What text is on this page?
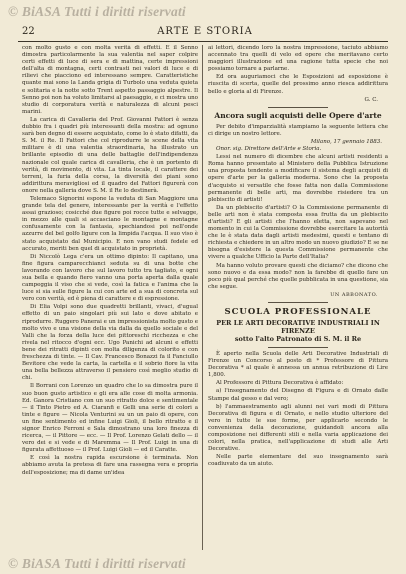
© BiASA Tutti i diritti riservati
22	ARTE E STORIA

con molto gusto e con molta verità di effetti. E il Senno dimostra particolarmente la sua valentia nel saper colpire certi effetti di luce di sera e di mattina, certe impressioni dell'alta di montagna, certi contrasti nei valori di luce e di rilievi che piacciono ed interessano sempre. Caratteristiche quante mai sono la Landa grigia di Turbolo una veduta quieta e solitaria e la notte sotto Trent aspetto passaggio alpestre. Il Senno poi non ha voluto limitarsi al paesaggio, e ci mostra uno studio di corporatura verità e naturalezza di alcuni pesci marini.

La carica di Cavalleria del Prof. Giovanni Fattori è senza dubbio fra i quadri più interessanti della mostra: ad ognuno sarà ben degno di essere acquistato, come lo è stato difatti, da S. M. il Re. Il Fattori che col riprodurre le scene della vita militare è di una valentia straordinaria, ha illustrato un brillante episodio di una delle battaglie dell'indipendenza nazionale col quale carica di cavalleria, che è un portento di verità, di movimento, di vita. La tinta locale, il carattere dei terreni, la furia della corsa, la diversità dei piani sono addirittura meravigliosi ed il quadro del Fattori figurerà con onore nella galleria dove S. M. il Re lo destinerà.

Telemaco Signorini espone la veduta di San Maggiore una grande tela del genere, interessante per la verità e l'effetto assai grazioso; cosicché due figure poi rocce tutte e selvagge, in mezzo alle quali si accasciano le montagne e montagne confusamente con la fantasia, spechiandosi poi nell'onde azzurre del bel golfo ligure con la limpida l'acqua. Il suo viso è stato acquistato dal Municipio. E non vano studi fedele ed accurato, meriti ben quel di acquistato in proprietà.

Di Niccolò Lega c'era un ottimo dipinto: Il capitano, una fine figura camparecchianci seduta su di una botte che lavorando con lavoro che sul lavoro tutto tra tagliato, e ogni sua bella e quando fiero vanno una porta aperta dalla quale campeggia il viso che si vede, così la fatica e l'anima che la luce si sia sulle figure la cui con arte ed a sua di concreta sul vero con verità, ed è piena di carattere e di espressione.

Di Elia Volpi sono due quadretti brillanti, vivaci, d'ugual effetto di un paio singolari più sui lato e dove abitato e riprodurre. Ruggero Panerai e un impressionista molto gusto e molto vivo e una visione della via dalla da quello sociale e del Valli che la forza della luce dei pittoreschi ricchezza e che rivela nel ritocco d'ogni ecc. Ugo Panichi ad alcuni e effetti bene dei ritratti dipinti con molta diligenza di colorito e con freschezza di tinte. — Il Cav. Francesco Bonazzi fa il Fanciullo Bevitore che vede la carta, la cartella e il sobrio fiore la vita una bella bellezza attraverso il pensiero così meglio studio di chi.

Il Borrani con Lorenzo un quadro che lo sa dimostra pure il suo buon gusto artistico e gli era alle cose di molta armonia. Ed. Ganora Cristiano con un suo ritratto dolce e sentimentale — il Tinto Pietro ed A. Ciaranfi e Gelli una serie di colori a tinte e figure — Nicola Venturini su un un paio di opere, con un fine sentimento ed infine Luigi Gioli, il bello ritratto e il signor Enrico Ferroni e Sala dimostrano una loro finezza di ricerca, — il Pittore — ecc. — Il Prof. Lorenzo Gelati dello — il vero dei e si vede e di Maremma — Il Prof. Luigi in una di figurata affettuoso — il Prof. Luigi Gioli — ed il Caratte.

E così la nostra rapida escursione è terminata. Non abbiamo avuta la pretesa di fare una rassegna vera e propria dell'esposizione; ma di dame un'idea

ai lettori, dicendo loro la nostra impressione, taciuto abbiamo accennato tra quelli di velo ed opere che meritavano certo maggiori illustrazione ed una ragione tutta specie che noi possiamo tornare a parlarne.

Ed ora auguriamoci che le Esposizioni ad esposizione è riuscita di scerta, quelle del prossimo anno riesca addirittura bello e gloria al di Firenze.

G. C.
Ancora sugli acquisti delle Opere d'arte

Per debito d'imparzialità stampiamo la seguente lettera che ci dirige un nostro lettore.

Milano, 17 gennaio 1883.

Onor. sig. Direttore dell'Arte e Storia.

Lessi nel numero di dicembre che alcuni artisti residenti a Roma hanno presentato al Ministero della Pubblica Istruzione una proposta tendente a modificare il sistema degli acquisti di opere d'arte per la galleria moderna. Sono che la proposta d'acquisto si versatile che fosse fatta non dalla Commissione permanente di belle arti, ma dovrebbe risiedere tra un plebiscito di artisti!

Da un plebiscito d'artisti? O la Commissione permanente di belle arti non è stata composta essa frutta da un plebiscito d'artisti? E gli artisti che l'hanno eletta, non sapevano nel momento in cui la Commissione dovrebbe esercitare la autorità che le è stata data dagli artisti medesimi, questi e tentano di richiesta e chiedere in un altro modo un nuovo giudizio? E se ne bisogna d'esistere la questa Commissione permanente che vivere a qualche Ufficio la Parte dell'Italia?

Ma hanno voluto provare questi che diciamo? che dicono che sono nuovo e da essa modo? non la farebbe di quello fare un poco più qual perché che quelle pubblicata in una questione, sia che segue.

UN ABBONATO.
SCUOLA PROFESSIONALE
PER LE ARTI DECORATIVE INDUSTRIALI IN FIRENZE
sotto l'alto Patronato di S. M. il Re

È aperto nella Scuola delle Arti Decorative Industriali di Firenze un Concorso al posto di * Professore di Pittura Decorativa * al quale è annessa un annua retribuzione di Lire 1,800.

Al Professore di Pittura Decorativa è affidato:

a) l'insegnamento del Disegno di Figura e di Ornato dalle Stampe dal gesso e dal vero;

b) l'ammaestramento agli alunni nei vari modi di Pittura Decorativa di figura e di Ornato, e nello studio ulteriore del vero in tutte le sue forme, per applicarlo secondo le convenienza della decorazione, guidandoli ancora alla composizione nei differenti stili e nella varia applicazione dei colori, nella pratica, nell'applicazione di studi alle Arti Decorative.

Nelle parte elementare del suo insegnamento sarà coadiuvato da un aiuto.

© BiASA Tutti i diritti riservati
